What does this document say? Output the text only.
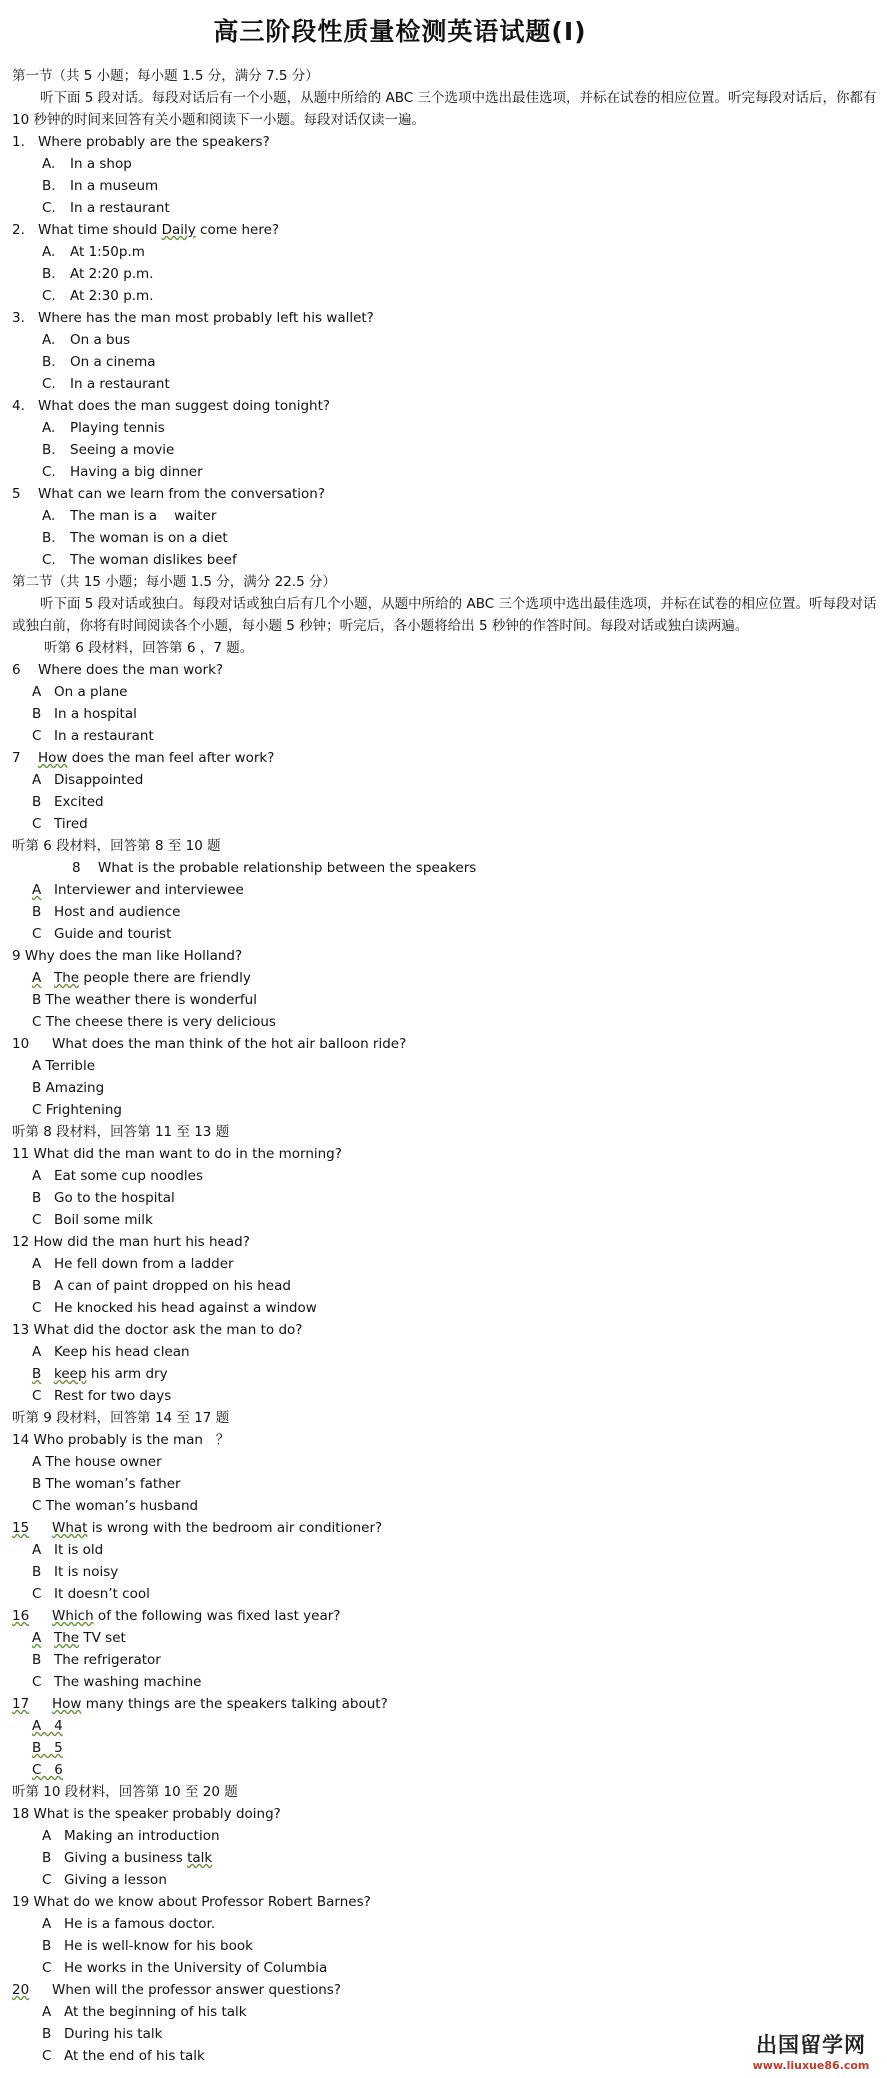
高三阶段性质量检测英语试题(Ⅰ)
第一节（共 5 小题；每小题 1.5 分，满分 7.5 分）
听下面 5 段对话。每段对话后有一个小题，从题中所给的 ABC 三个选项中选出最佳选项，并标在试卷的相应位置。听完每段对话后，你都有 10 秒钟的时间来回答有关小题和阅读下一小题。每段对话仅读一遍。
1. Where probably are the speakers?
A. In a shop
B. In a museum
C. In a restaurant
2. What time should Daily come here?
A. At 1:50p.m
B. At 2:20 p.m.
C. At 2:30 p.m.
3. Where has the man most probably left his wallet?
A. On a bus
B. On a cinema
C. In a restaurant
4. What does the man suggest doing tonight?
A. Playing tennis
B. Seeing a movie
C. Having a big dinner
5 What can we learn from the conversation?
A. The man is a    waiter
B. The woman is on a diet
C. The woman dislikes beef
第二节（共 15 小题；每小题 1.5 分，满分 22.5 分）
听下面 5 段对话或独白。每段对话或独白后有几个小题，从题中所给的 ABC 三个选项中选出最佳选项，并标在试卷的相应位置。听每段对话或独白前，你将有时间阅读各个小题，每小题 5 秒钟；听完后，各小题将给出 5 秒钟的作答时间。每段对话或独白读两遍。
听第 6 段材料，回答第 6 ，7 题。
6 Where does the man work?
A On a plane
B In a hospital
C In a restaurant
7 How does the man feel after work?
A Disappointed
B Excited
C Tired
听第 6 段材料，回答第 8 至 10 题
8 What is the probable relationship between the speakers
A Interviewer and interviewee
B Host and audience
C Guide and tourist
9 Why does the man like Holland?
A The people there are friendly
B The weather there is wonderful
C The cheese there is very delicious
10 What does the man think of the hot air balloon ride?
A Terrible
B Amazing
C Frightening
听第 8 段材料，回答第 11 至 13 题
11 What did the man want to do in the morning?
A Eat some cup noodles
B Go to the hospital
C Boil some milk
12 How did the man hurt his head?
A He fell down from a ladder
B A can of paint dropped on his head
C He knocked his head against a window
13 What did the doctor ask the man to do?
A Keep his head clean
B keep his arm dry
C Rest for two days
听第 9 段材料，回答第 14 至 17 题
14 Who probably is the man   ？
A The house owner
B The woman’s father
C The woman’s husband
15 What is wrong with the bedroom air conditioner?
A It is old
B It is noisy
C It doesn’t cool
16 Which of the following was fixed last year?
A The TV set
B The refrigerator
C The washing machine
17 How many things are the speakers talking about?
A   4
B   5
C   6
听第 10 段材料，回答第 10 至 20 题
18 What is the speaker probably doing?
A Making an introduction
B Giving a business talk
C Giving a lesson
19 What do we know about Professor Robert Barnes?
A He is a famous doctor.
B He is well-know for his book
C He works in the University of Columbia
20 When will the professor answer questions?
A At the beginning of his talk
B During his talk
C At the end of his talk	出国留学网
www.liuxue86.com
